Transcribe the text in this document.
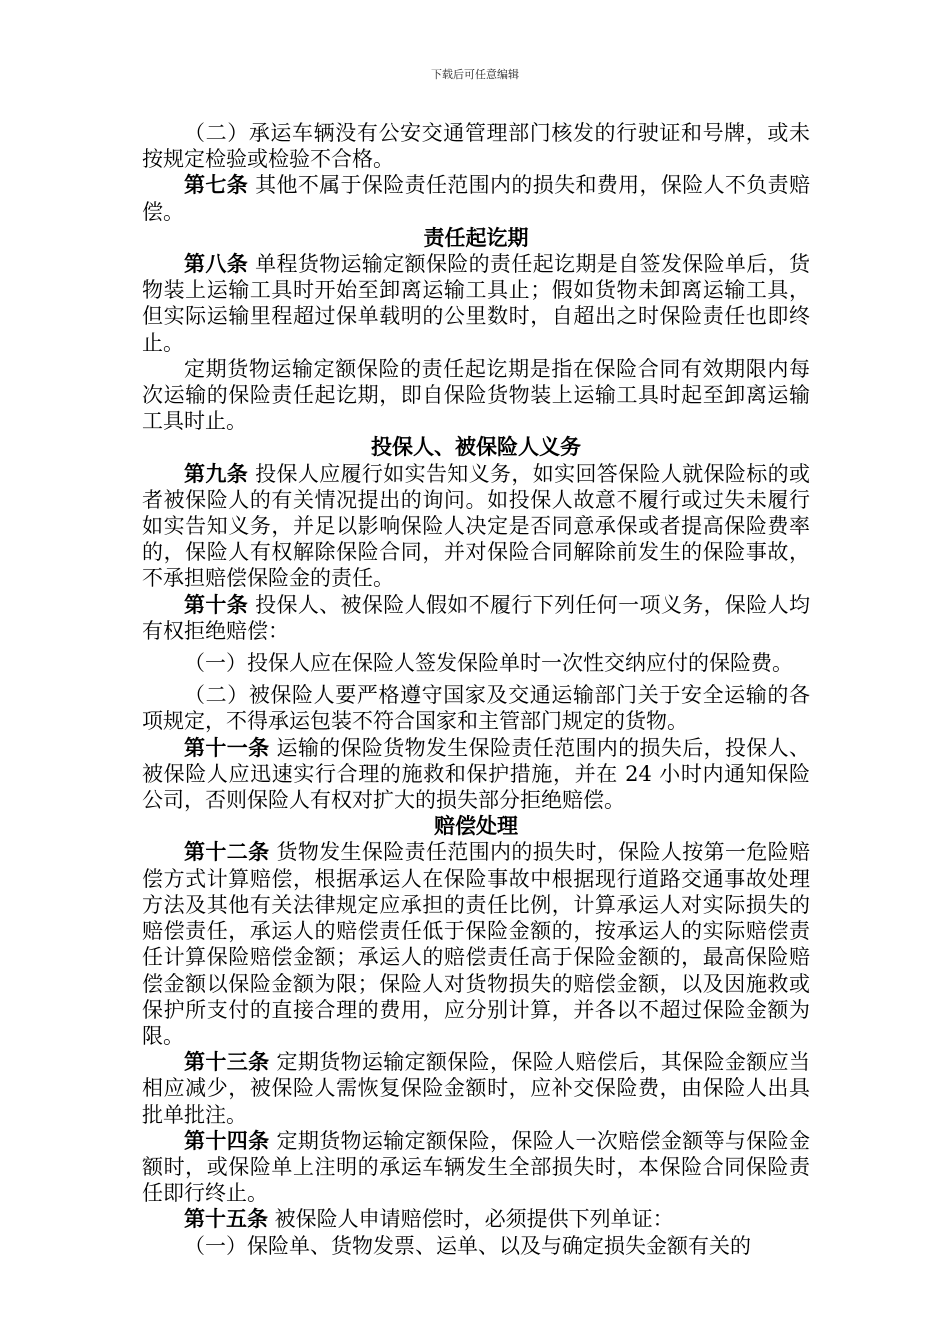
下载后可任意编辑

（二）承运车辆没有公安交通管理部门核发的行驶证和号牌，或未按规定检验或检验不合格。

第七条 其他不属于保险责任范围内的损失和费用，保险人不负责赔偿。

责任起讫期

第八条 单程货物运输定额保险的责任起讫期是自签发保险单后，货物装上运输工具时开始至卸离运输工具止；假如货物未卸离运输工具，但实际运输里程超过保单载明的公里数时，自超出之时保险责任也即终止。

定期货物运输定额保险的责任起讫期是指在保险合同有效期限内每次运输的保险责任起讫期，即自保险货物装上运输工具时起至卸离运输工具时止。

投保人、被保险人义务

第九条 投保人应履行如实告知义务，如实回答保险人就保险标的或者被保险人的有关情况提出的询问。如投保人故意不履行或过失未履行如实告知义务，并足以影响保险人决定是否同意承保或者提高保险费率的，保险人有权解除保险合同，并对保险合同解除前发生的保险事故，不承担赔偿保险金的责任。

第十条 投保人、被保险人假如不履行下列任何一项义务，保险人均有权拒绝赔偿：

（一）投保人应在保险人签发保险单时一次性交纳应付的保险费。

（二）被保险人要严格遵守国家及交通运输部门关于安全运输的各项规定，不得承运包装不符合国家和主管部门规定的货物。

第十一条 运输的保险货物发生保险责任范围内的损失后，投保人、被保险人应迅速实行合理的施救和保护措施，并在 24 小时内通知保险公司，否则保险人有权对扩大的损失部分拒绝赔偿。

赔偿处理

第十二条 货物发生保险责任范围内的损失时，保险人按第一危险赔偿方式计算赔偿，根据承运人在保险事故中根据现行道路交通事故处理方法及其他有关法律规定应承担的责任比例，计算承运人对实际损失的赔偿责任，承运人的赔偿责任低于保险金额的，按承运人的实际赔偿责任计算保险赔偿金额；承运人的赔偿责任高于保险金额的，最高保险赔偿金额以保险金额为限；保险人对货物损失的赔偿金额，以及因施救或保护所支付的直接合理的费用，应分别计算，并各以不超过保险金额为限。

第十三条 定期货物运输定额保险，保险人赔偿后，其保险金额应当相应减少，被保险人需恢复保险金额时，应补交保险费，由保险人出具批单批注。

第十四条 定期货物运输定额保险，保险人一次赔偿金额等与保险金额时，或保险单上注明的承运车辆发生全部损失时，本保险合同保险责任即行终止。

第十五条 被保险人申请赔偿时，必须提供下列单证：

（一）保险单、货物发票、运单、以及与确定损失金额有关的
